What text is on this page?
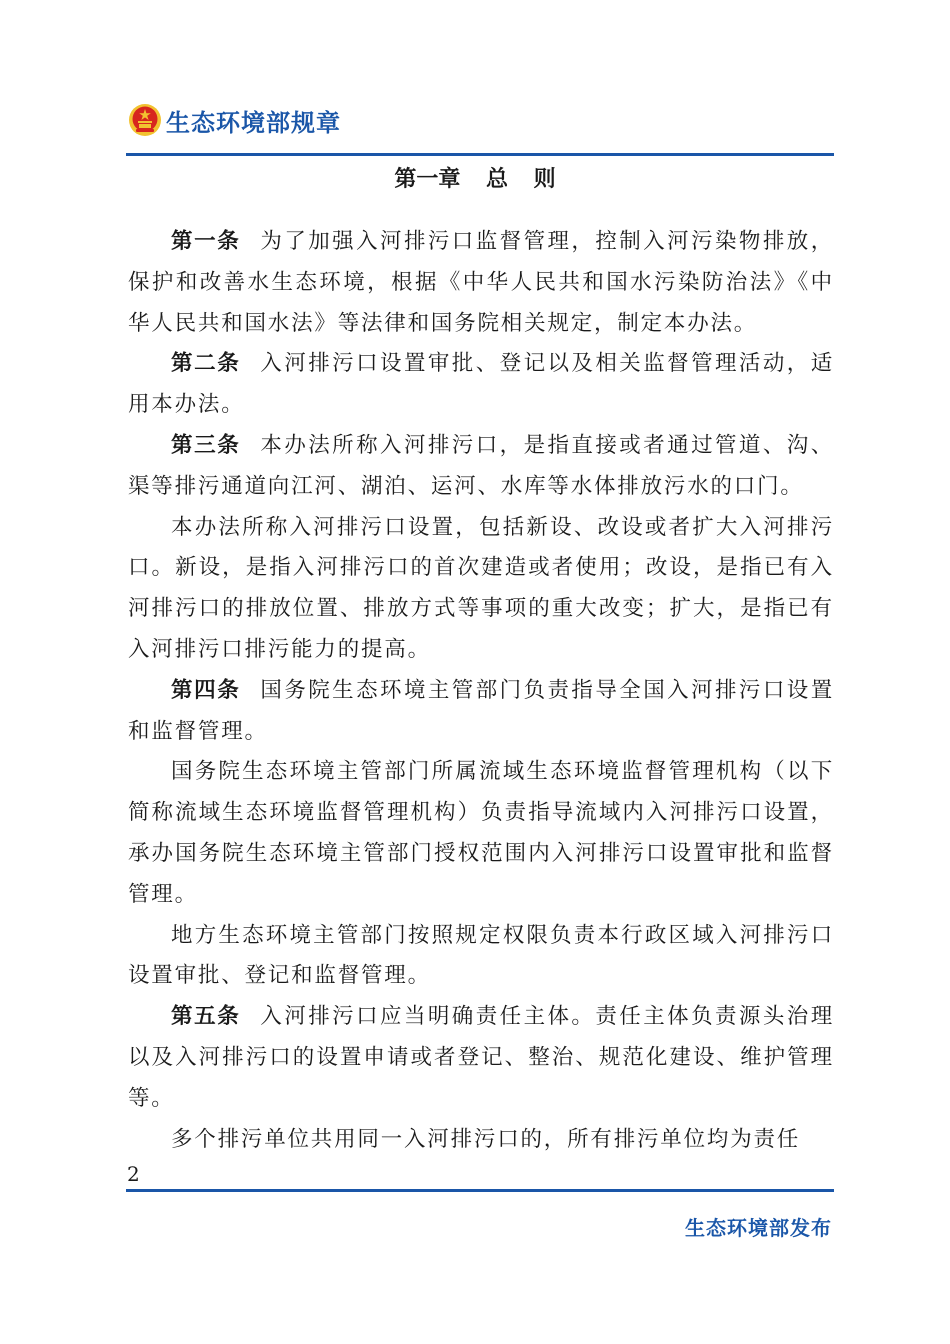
生态环境部规章
第一章 总 则

第一条 为了加强入河排污口监督管理，控制入河污染物排放，保护和改善水生态环境，根据《中华人民共和国水污染防治法》《中华人民共和国水法》等法律和国务院相关规定，制定本办法。

第二条 入河排污口设置审批、登记以及相关监督管理活动，适用本办法。

第三条 本办法所称入河排污口，是指直接或者通过管道、沟、渠等排污通道向江河、湖泊、运河、水库等水体排放污水的口门。

本办法所称入河排污口设置，包括新设、改设或者扩大入河排污口。新设，是指入河排污口的首次建造或者使用；改设，是指已有入河排污口的排放位置、排放方式等事项的重大改变；扩大，是指已有入河排污口排污能力的提高。

第四条 国务院生态环境主管部门负责指导全国入河排污口设置和监督管理。

国务院生态环境主管部门所属流域生态环境监督管理机构（以下简称流域生态环境监督管理机构）负责指导流域内入河排污口设置，承办国务院生态环境主管部门授权范围内入河排污口设置审批和监督管理。

地方生态环境主管部门按照规定权限负责本行政区域入河排污口设置审批、登记和监督管理。

第五条 入河排污口应当明确责任主体。责任主体负责源头治理以及入河排污口的设置申请或者登记、整治、规范化建设、维护管理等。

多个排污单位共用同一入河排污口的，所有排污单位均为责任

2
生态环境部发布
